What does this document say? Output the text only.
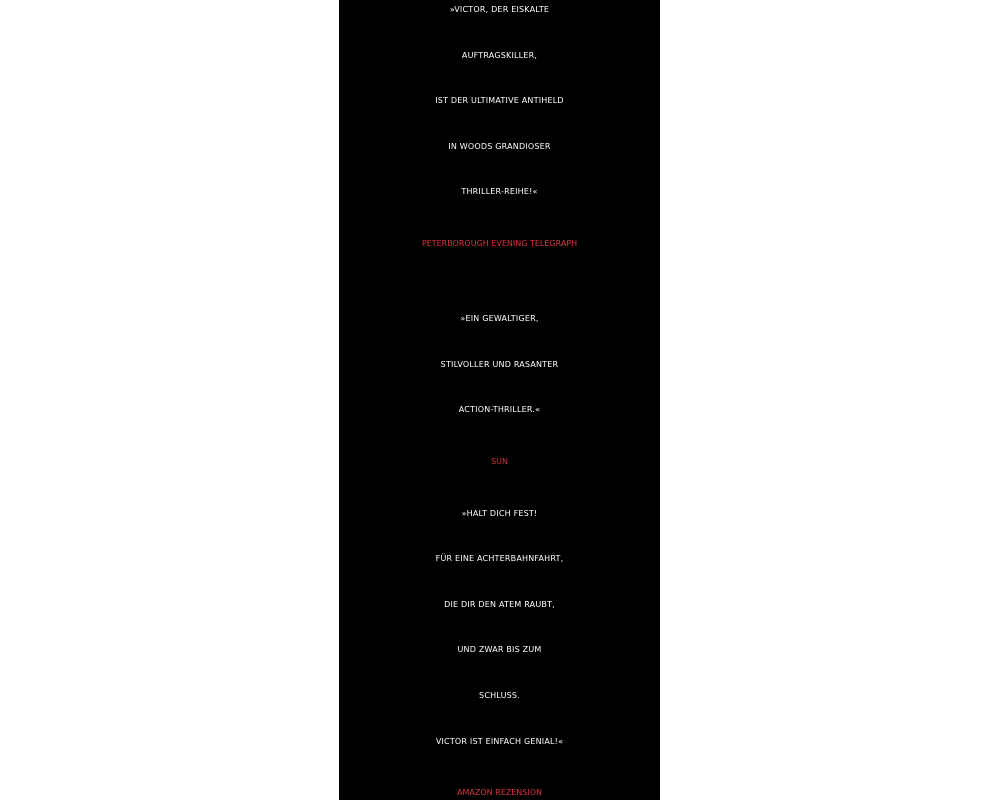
»VICTOR, DER EISKALTE
AUFTRAGSKILLER,
IST DER ULTIMATIVE ANTIHELD
IN WOODS GRANDIOSER
THRILLER-REIHE!«
PETERBOROUGH EVENING TELEGRAPH
»EIN GEWALTIGER,
STILVOLLER UND RASANTER
ACTION-THRILLER.«
SUN
»HALT DICH FEST!
FÜR EINE ACHTERBAHNFAHRT,
DIE DIR DEN ATEM RAUBT,
UND ZWAR BIS ZUM
SCHLUSS.
VICTOR IST EINFACH GENIAL!«
AMAZON REZENSION
